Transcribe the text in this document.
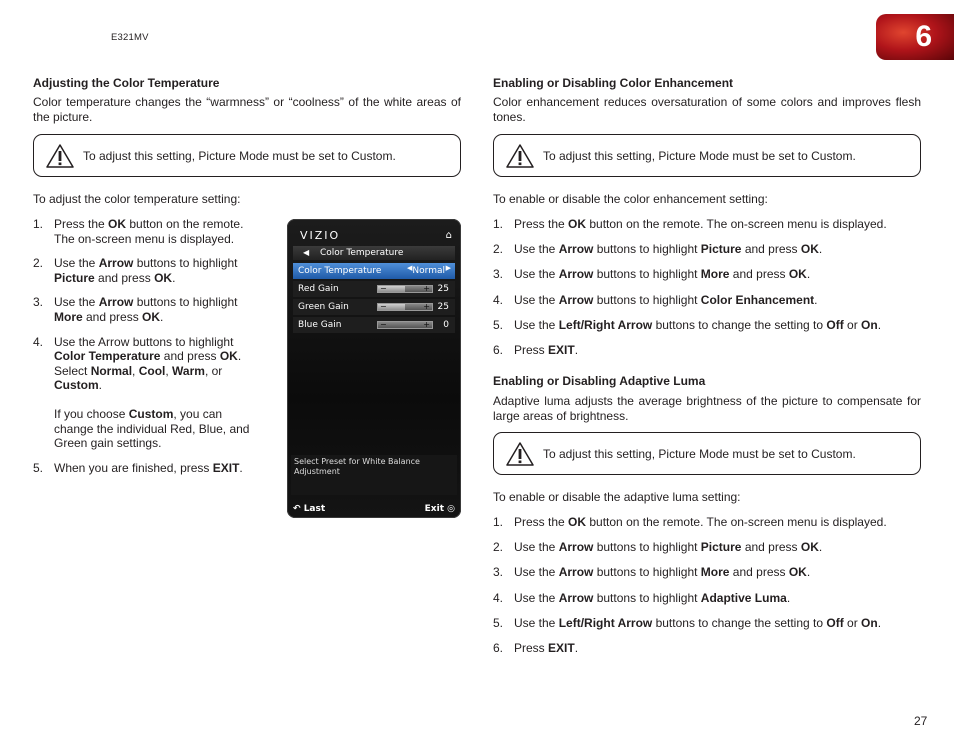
E321MV	6
Adjusting the Color Temperature
Color temperature changes the “warmness” or “coolness” of the white areas of the picture.
To adjust this setting, Picture Mode must be set to Custom.
To adjust the color temperature setting:
1. Press the OK button on the remote. The on-screen menu is displayed.
2. Use the Arrow buttons to highlight Picture and press OK.
3. Use the Arrow buttons to highlight More and press OK.
4. Use the Arrow buttons to highlight Color Temperature and press OK. Select Normal, Cool, Warm, or Custom.
If you choose Custom, you can change the individual Red, Blue, and Green gain settings.
5. When you are finished, press EXIT.
VIZIO	⌂
◀ Color Temperature
Color Temperature	◀ Normal ▶
Red Gain	−	+ 25
Green Gain	−	+ 25
Blue Gain	−	+ 0
Select Preset for White Balance Adjustment
↶ Last	Exit ◎
Enabling or Disabling Color Enhancement
Color enhancement reduces oversaturation of some colors and improves flesh tones.
To adjust this setting, Picture Mode must be set to Custom.
To enable or disable the color enhancement setting:
1. Press the OK button on the remote. The on-screen menu is displayed.
2. Use the Arrow buttons to highlight Picture and press OK.
3. Use the Arrow buttons to highlight More and press OK.
4. Use the Arrow buttons to highlight Color Enhancement.
5. Use the Left/Right Arrow buttons to change the setting to Off or On.
6. Press EXIT.
Enabling or Disabling Adaptive Luma
Adaptive luma adjusts the average brightness of the picture to compensate for large areas of brightness.
To adjust this setting, Picture Mode must be set to Custom.
To enable or disable the adaptive luma setting:
1. Press the OK button on the remote. The on-screen menu is displayed.
2. Use the Arrow buttons to highlight Picture and press OK.
3. Use the Arrow buttons to highlight More and press OK.
4. Use the Arrow buttons to highlight Adaptive Luma.
5. Use the Left/Right Arrow buttons to change the setting to Off or On.
6. Press EXIT.
27
